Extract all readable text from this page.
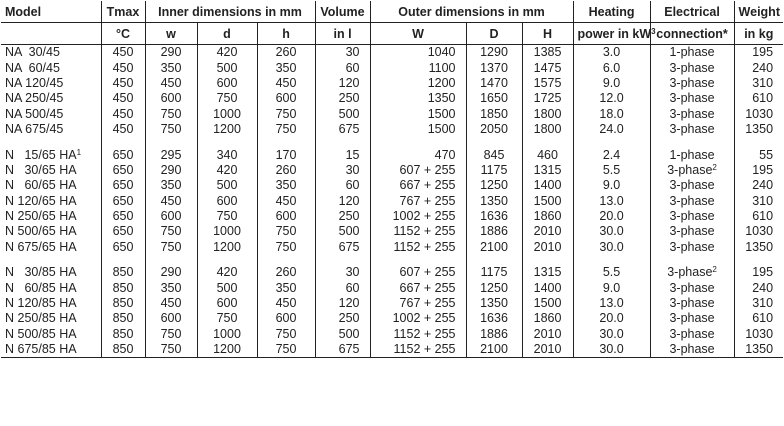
Model	Tmax	Inner dimensions in mm			Volume	Outer dimensions in mm			Heating	Electrical	Weight
	°C	w	d	h	in l	W	D	H	power in $kW^3$	connection*	in kg
NA  30/45	450	290	420	260	30	1040	1290	1385	3.0	1-phase	195
NA  60/45	450	350	500	350	60	1100	1370	1475	6.0	3-phase	240
NA 120/45	450	450	600	450	120	1200	1470	1575	9.0	3-phase	310
NA 250/45	450	600	750	600	250	1350	1650	1725	12.0	3-phase	610
NA 500/45	450	750	1000	750	500	1500	1850	1800	18.0	3-phase	1030
NA 675/45	450	750	1200	750	675	1500	2050	1800	24.0	3-phase	1350

N   15/65 $HA^1$	650	295	340	170	15	470	845	460	2.4	1-phase	55
N   30/65 HA	650	290	420	260	30	607 + 255	1175	1315	5.5	3-phase$^2$	195
N   60/65 HA	650	350	500	350	60	667 + 255	1250	1400	9.0	3-phase	240
N 120/65 HA	650	450	600	450	120	767 + 255	1350	1500	13.0	3-phase	310
N 250/65 HA	650	600	750	600	250	1002 + 255	1636	1860	20.0	3-phase	610
N 500/65 HA	650	750	1000	750	500	1152 + 255	1886	2010	30.0	3-phase	1030
N 675/65 HA	650	750	1200	750	675	1152 + 255	2100	2010	30.0	3-phase	1350

N   30/85 HA	850	290	420	260	30	607 + 255	1175	1315	5.5	3-phase$^2$	195
N   60/85 HA	850	350	500	350	60	667 + 255	1250	1400	9.0	3-phase	240
N 120/85 HA	850	450	600	450	120	767 + 255	1350	1500	13.0	3-phase	310
N 250/85 HA	850	600	750	600	250	1002 + 255	1636	1860	20.0	3-phase	610
N 500/85 HA	850	750	1000	750	500	1152 + 255	1886	2010	30.0	3-phase	1030
N 675/85 HA	850	750	1200	750	675	1152 + 255	2100	2010	30.0	3-phase	1350
